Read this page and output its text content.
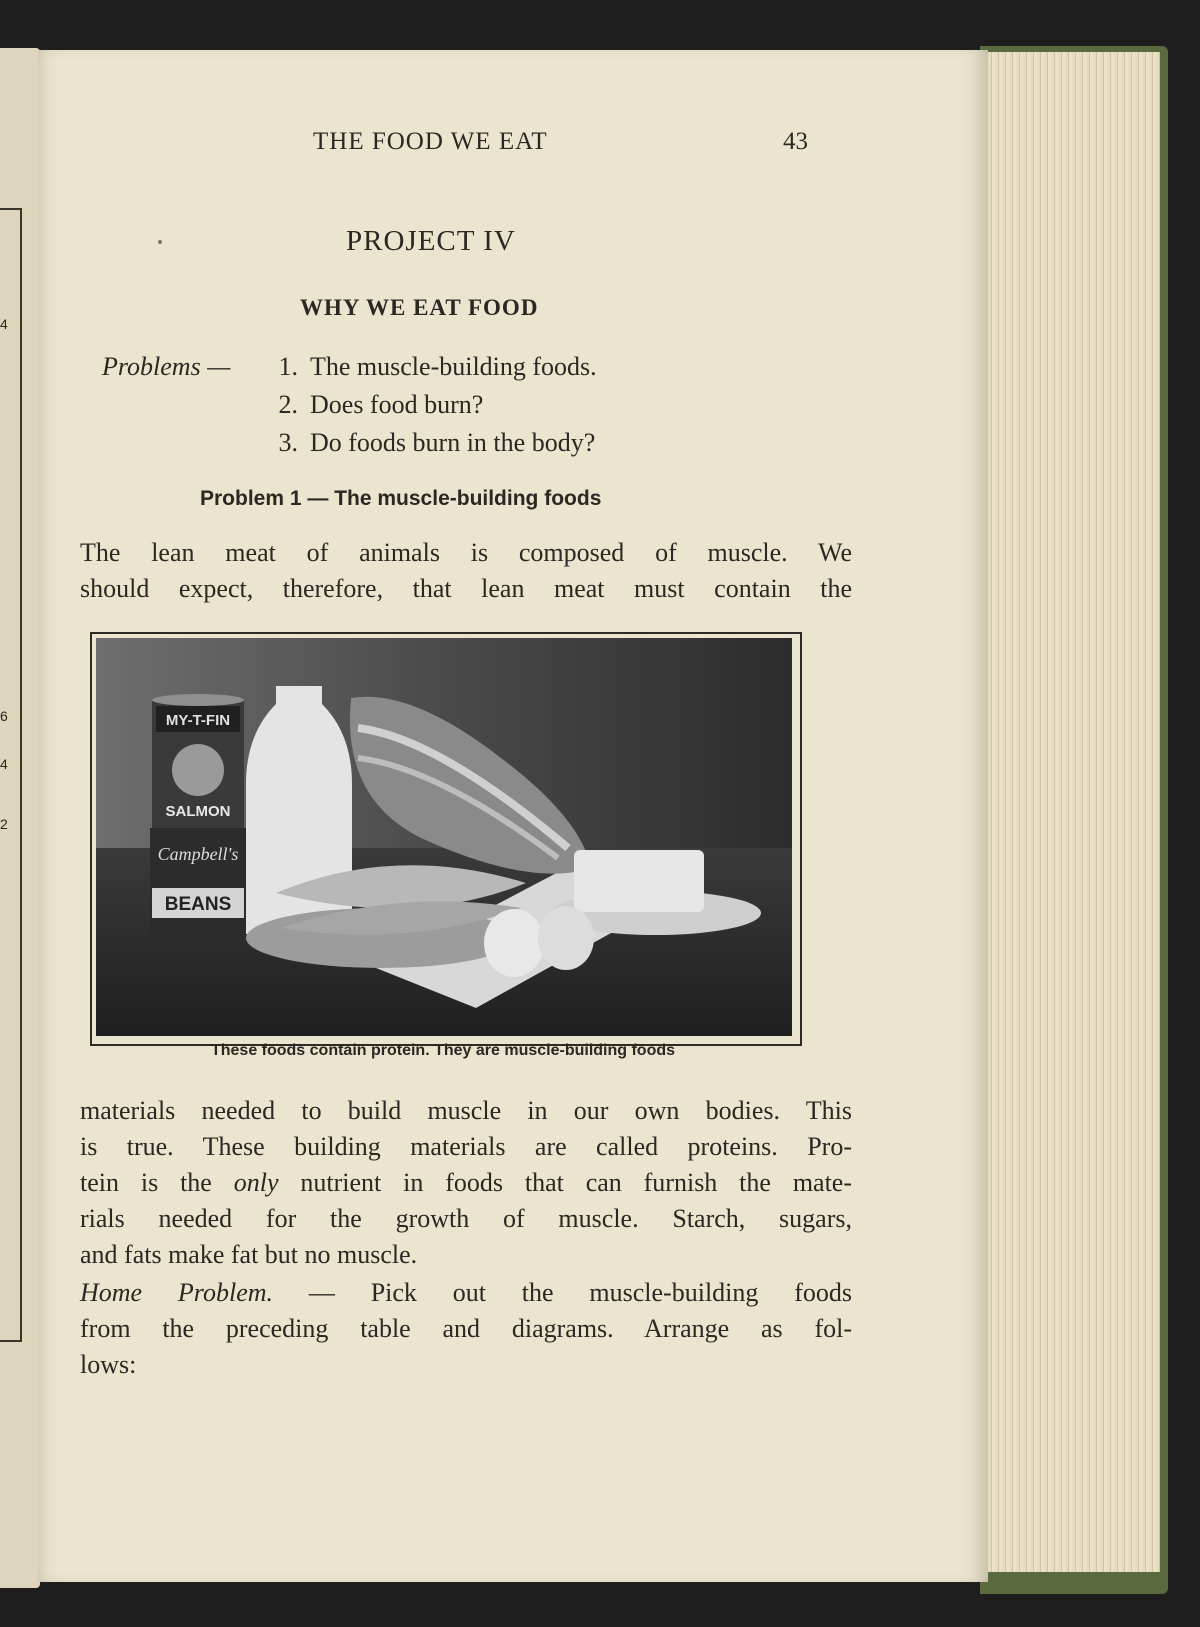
4
6
4
2
THE FOOD WE EAT	43
PROJECT IV
WHY WE EAT FOOD
Problems —	1. The muscle-building foods.
2. Does food burn?
3. Do foods burn in the body?
Problem 1 — The muscle-building foods
The lean meat of animals is composed of muscle. We
should expect, therefore, that lean meat must contain the
MY-T-FIN
SALMON
Campbell's
BEANS
These foods contain protein. They are muscle-building foods
materials needed to build muscle in our own bodies. This
is true. These building materials are called proteins. Pro-
tein is the only nutrient in foods that can furnish the mate-
rials needed for the growth of muscle. Starch, sugars,
and fats make fat but no muscle.
Home Problem. — Pick out the muscle-building foods
from the preceding table and diagrams. Arrange as fol-
lows:
